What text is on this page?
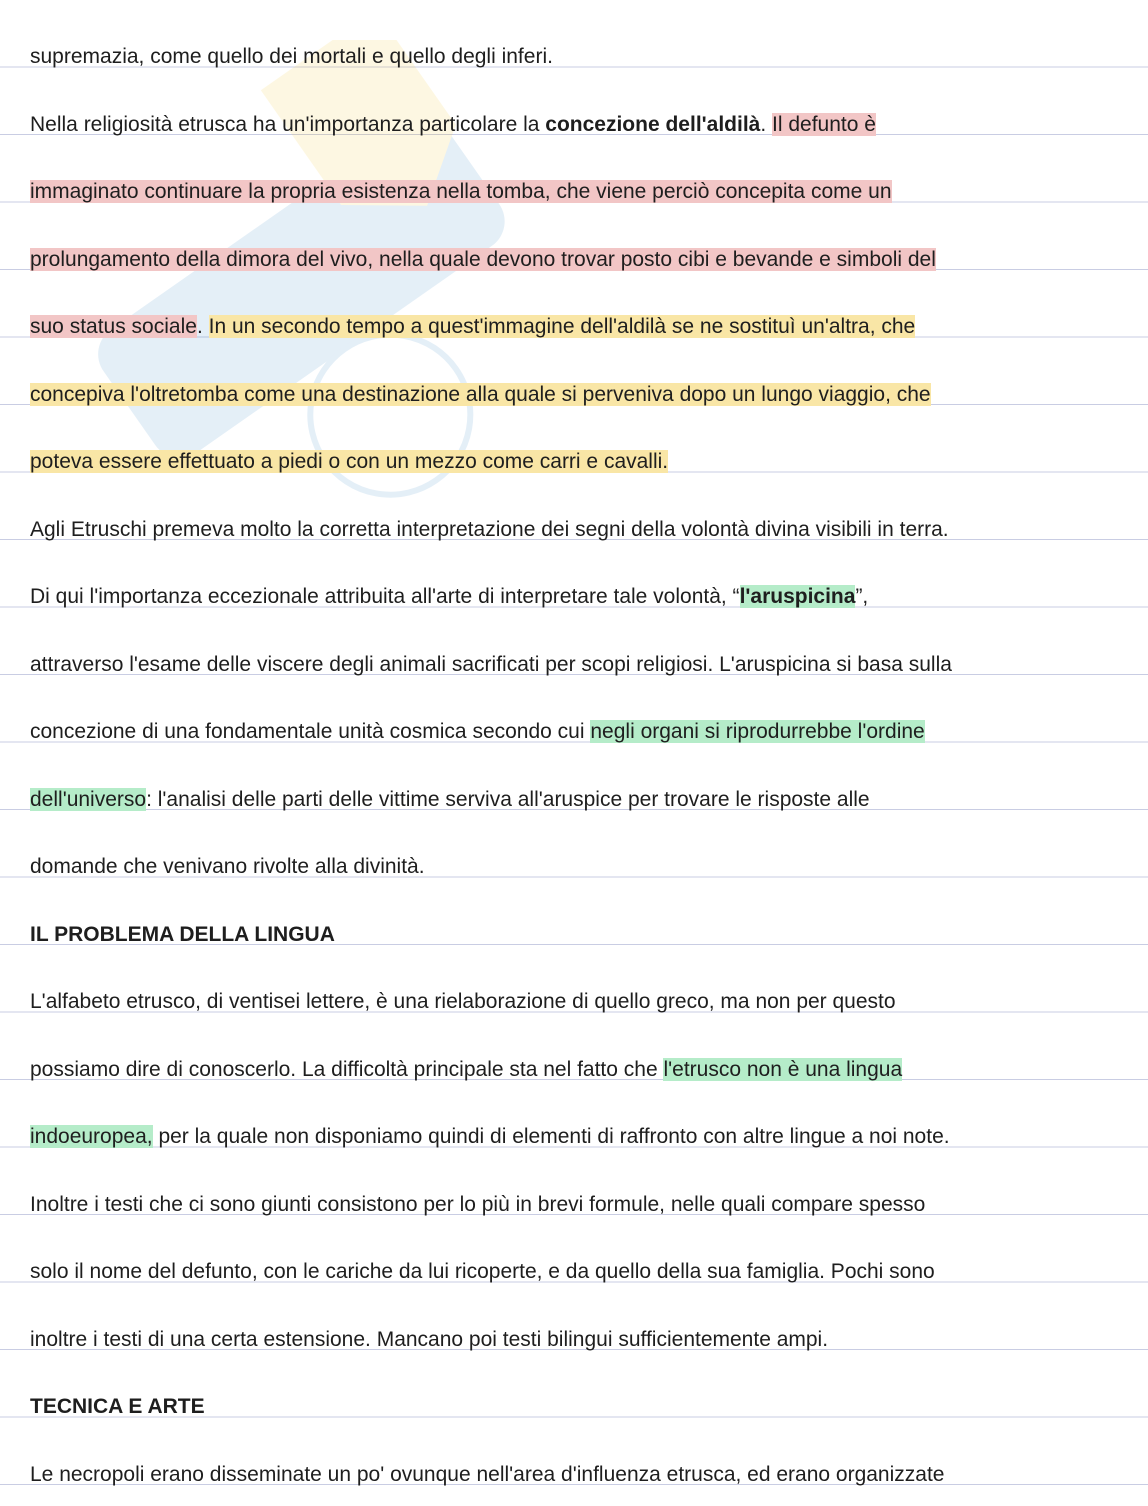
supremazia, come quello dei mortali e quello degli inferi.
Nella religiosità etrusca ha un'importanza particolare la concezione dell'aldilà. Il defunto è
immaginato continuare la propria esistenza nella tomba, che viene perciò concepita come un
prolungamento della dimora del vivo, nella quale devono trovar posto cibi e bevande e simboli del
suo status sociale. In un secondo tempo a quest'immagine dell'aldilà se ne sostituì un'altra, che
concepiva l'oltretomba come una destinazione alla quale si perveniva dopo un lungo viaggio, che
poteva essere effettuato a piedi o con un mezzo come carri e cavalli.
Agli Etruschi premeva molto la corretta interpretazione dei segni della volontà divina visibili in terra.
Di qui l'importanza eccezionale attribuita all'arte di interpretare tale volontà, “l'aruspicina”,
attraverso l'esame delle viscere degli animali sacrificati per scopi religiosi. L'aruspicina si basa sulla
concezione di una fondamentale unità cosmica secondo cui negli organi si riprodurrebbe l'ordine
dell'universo: l'analisi delle parti delle vittime serviva all'aruspice per trovare le risposte alle
domande che venivano rivolte alla divinità.
IL PROBLEMA DELLA LINGUA
L'alfabeto etrusco, di ventisei lettere, è una rielaborazione di quello greco, ma non per questo
possiamo dire di conoscerlo. La difficoltà principale sta nel fatto che l'etrusco non è una lingua
indoeuropea, per la quale non disponiamo quindi di elementi di raffronto con altre lingue a noi note.
Inoltre i testi che ci sono giunti consistono per lo più in brevi formule, nelle quali compare spesso
solo il nome del defunto, con le cariche da lui ricoperte, e da quello della sua famiglia. Pochi sono
inoltre i testi di una certa estensione. Mancano poi testi bilingui sufficientemente ampi.
TECNICA E ARTE
Le necropoli erano disseminate un po' ovunque nell'area d'influenza etrusca, ed erano organizzate
